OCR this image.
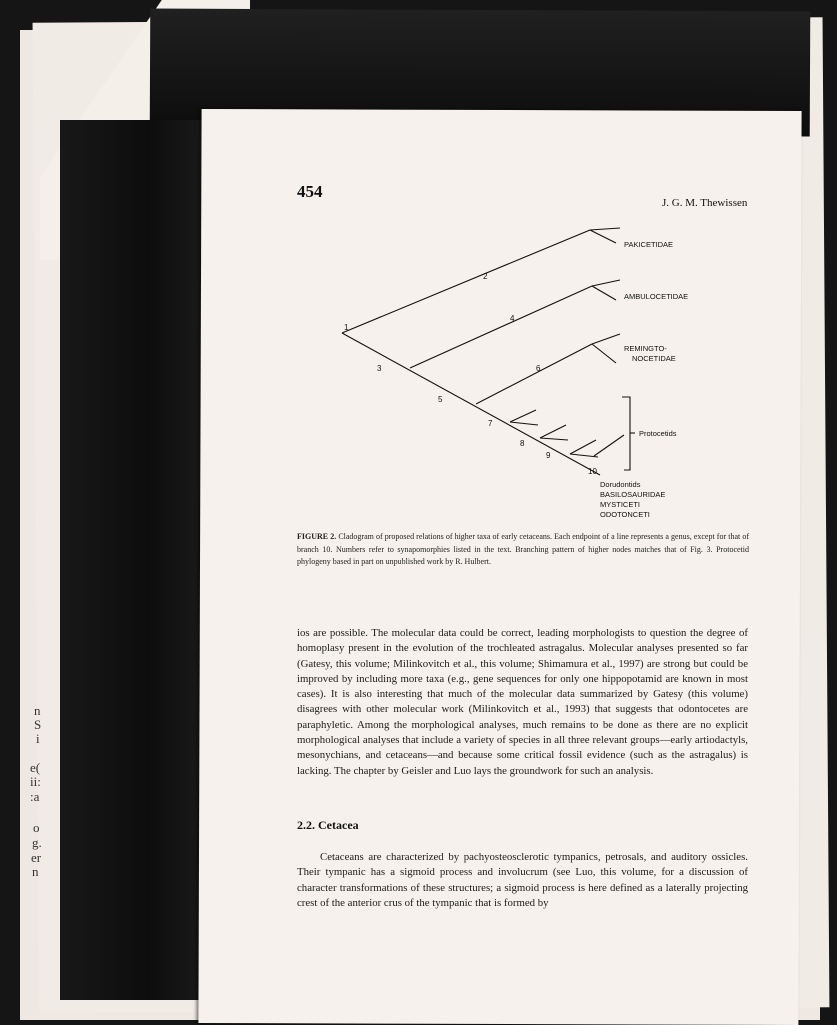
n
S
i
e(
ii:
:a
o
g.
er
n
454
J. G. M. Thewissen
PAKICETIDAE
AMBULOCETIDAE
REMINGTO-
NOCETIDAE
Protocetids
Dorudontids
BASILOSAURIDAE
MYSTICETI
ODOTONCETI
1
2
3
4
5
6
7
8
9
10
FIGURE 2. Cladogram of proposed relations of higher taxa of early cetaceans. Each endpoint of a line represents a genus, except for that of branch 10. Numbers refer to synapomorphies listed in the text. Branching pattern of higher nodes matches that of Fig. 3. Protocetid phylogeny based in part on unpublished work by R. Hulbert.
ios are possible. The molecular data could be correct, leading morphologists to question the degree of homoplasy present in the evolution of the trochleated astragalus. Molecular analyses presented so far (Gatesy, this volume; Milinkovitch et al., this volume; Shimamura et al., 1997) are strong but could be improved by including more taxa (e.g., gene sequences for only one hippopotamid are known in most cases). It is also interesting that much of the molecular data summarized by Gatesy (this volume) disagrees with other molecular work (Milinkovitch et al., 1993) that suggests that odontocetes are paraphyletic. Among the morphological analyses, much remains to be done as there are no explicit morphological analyses that include a variety of species in all three relevant groups—early artiodactyls, mesonychians, and cetaceans—and because some critical fossil evidence (such as the astragalus) is lacking. The chapter by Geisler and Luo lays the groundwork for such an analysis.
2.2. Cetacea
Cetaceans are characterized by pachyosteosclerotic tympanics, petrosals, and auditory ossicles. Their tympanic has a sigmoid process and involucrum (see Luo, this volume, for a discussion of character transformations of these structures; a sigmoid process is here defined as a laterally projecting crest of the anterior crus of the tympanic that is formed by
